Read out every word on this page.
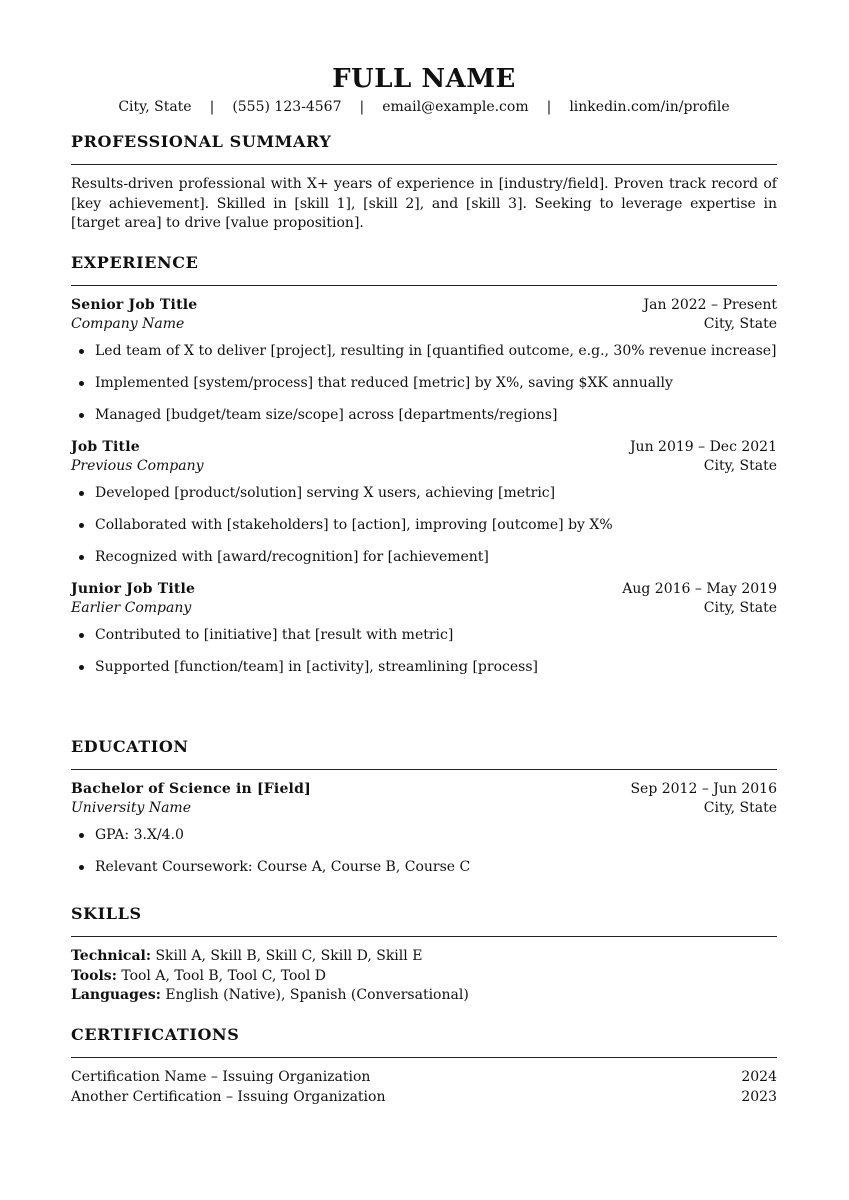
FULL NAME
City, State | (555) 123-4567 | email@example.com | linkedin.com/in/profile
PROFESSIONAL SUMMARY
Results-driven professional with X+ years of experience in [industry/field]. Proven track record of [key achievement]. Skilled in [skill 1], [skill 2], and [skill 3]. Seeking to leverage expertise in [target area] to drive [value proposition].
EXPERIENCE
Senior Job Title	Jan 2022 – Present
Company Name	City, State
Led team of X to deliver [project], resulting in [quantified outcome, e.g., 30% revenue increase]
Implemented [system/process] that reduced [metric] by X%, saving $XK annually
Managed [budget/team size/scope] across [departments/regions]
Job Title	Jun 2019 – Dec 2021
Previous Company	City, State
Developed [product/solution] serving X users, achieving [metric]
Collaborated with [stakeholders] to [action], improving [outcome] by X%
Recognized with [award/recognition] for [achievement]
Junior Job Title	Aug 2016 – May 2019
Earlier Company	City, State
Contributed to [initiative] that [result with metric]
Supported [function/team] in [activity], streamlining [process]
EDUCATION
Bachelor of Science in [Field]	Sep 2012 – Jun 2016
University Name	City, State
GPA: 3.X/4.0
Relevant Coursework: Course A, Course B, Course C
SKILLS
Technical: Skill A, Skill B, Skill C, Skill D, Skill E
Tools: Tool A, Tool B, Tool C, Tool D
Languages: English (Native), Spanish (Conversational)
CERTIFICATIONS
Certification Name – Issuing Organization	2024
Another Certification – Issuing Organization	2023
